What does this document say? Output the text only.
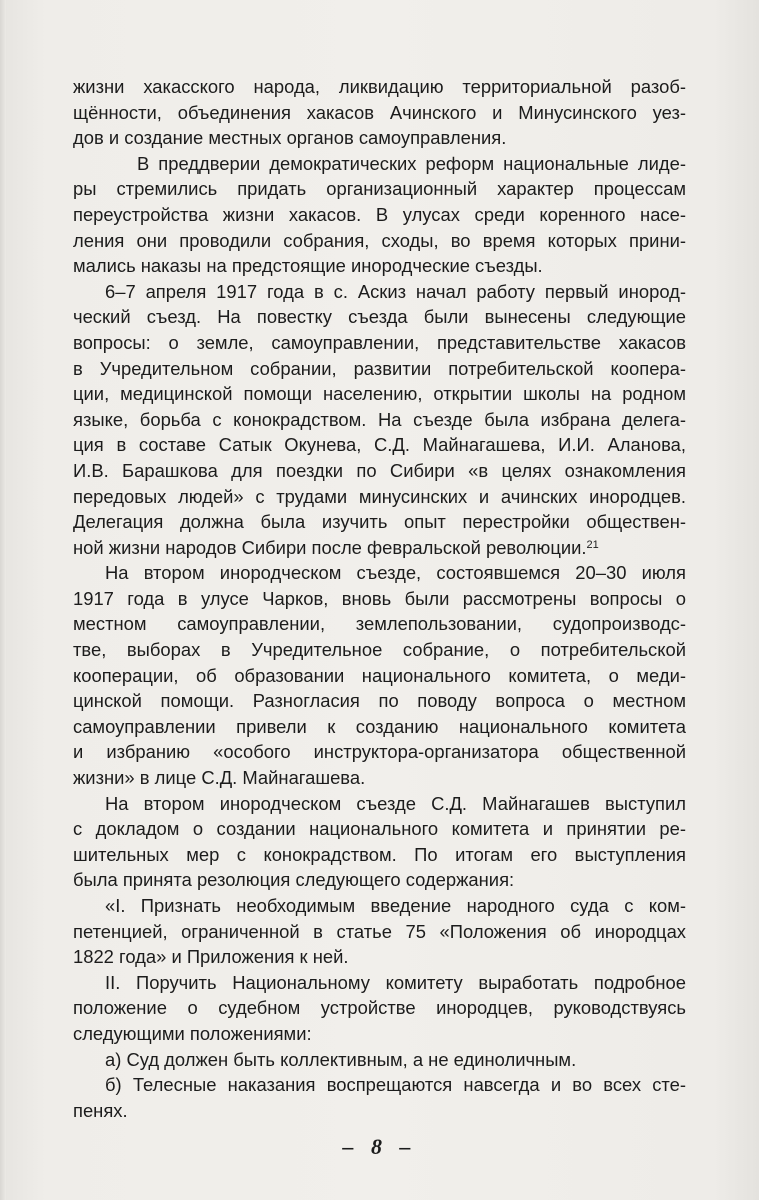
жизни хакасского народа, ликвидацию территориальной разоб-
щённости, объединения хакасов Ачинского и Минусинского уез-
дов и создание местных органов самоуправления.
В преддверии демократических реформ национальные лиде-
ры стремились придать организационный характер процессам
переустройства жизни хакасов. В улусах среди коренного насе-
ления они проводили собрания, сходы, во время которых прини-
мались наказы на предстоящие инородческие съезды.
6–7 апреля 1917 года в с. Аскиз начал работу первый инород-
ческий съезд. На повестку съезда были вынесены следующие
вопросы: о земле, самоуправлении, представительстве хакасов
в Учредительном собрании, развитии потребительской коопера-
ции, медицинской помощи населению, открытии школы на родном
языке, борьба с конокрадством. На съезде была избрана делега-
ция в составе Сатык Окунева, С.Д. Майнагашева, И.И. Аланова,
И.В. Барашкова для поездки по Сибири «в целях ознакомления
передовых людей» с трудами минусинских и ачинских инородцев.
Делегация должна была изучить опыт перестройки обществен-
ной жизни народов Сибири после февральской революции.$^{21}$
На втором инородческом съезде, состоявшемся 20–30 июля
1917 года в улусе Чарков, вновь были рассмотрены вопросы о
местном самоуправлении, землепользовании, судопроизводс-
тве, выборах в Учредительное собрание, о потребительской
кооперации, об образовании национального комитета, о меди-
цинской помощи. Разногласия по поводу вопроса о местном
самоуправлении привели к созданию национального комитета
и избранию «особого инструктора-организатора общественной
жизни» в лице С.Д. Майнагашева.
На втором инородческом съезде С.Д. Майнагашев выступил
с докладом о создании национального комитета и принятии ре-
шительных мер с конокрадством. По итогам его выступления
была принята резолюция следующего содержания:
«I. Признать необходимым введение народного суда с ком-
петенцией, ограниченной в статье 75 «Положения об инородцах
1822 года» и Приложения к ней.
II. Поручить Национальному комитету выработать подробное
положение о судебном устройстве инородцев, руководствуясь
следующими положениями:
а) Суд должен быть коллективным, а не единоличным.
б) Телесные наказания воспрещаются навсегда и во всех сте-
пенях.
– 8 –
